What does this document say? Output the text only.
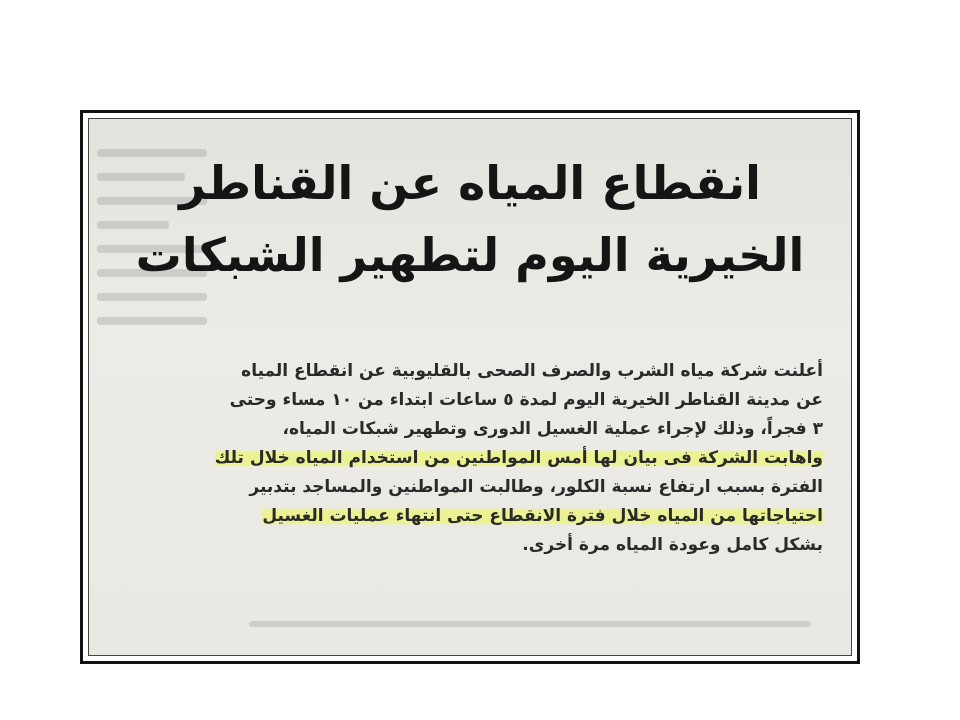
انقطاع المياه عن القناطر
الخيرية اليوم لتطهير الشبكات
أعلنت شركة مياه الشرب والصرف الصحى بالقليوبية عن انقطاع المياه
عن مدينة القناطر الخيرية اليوم لمدة ٥ ساعات ابتداء من ١٠ مساء وحتى
٣ فجراً، وذلك لإجراء عملية الغسيل الدورى وتطهير شبكات المياه،
واهابت الشركة فى بيان لها أمس المواطنين من استخدام المياه خلال تلك
الفترة بسبب ارتفاع نسبة الكلور، وطالبت المواطنين والمساجد بتدبير
احتياجاتها من المياه خلال فترة الانقطاع حتى انتهاء عمليات الغسيل
بشكل كامل وعودة المياه مرة أخرى.
